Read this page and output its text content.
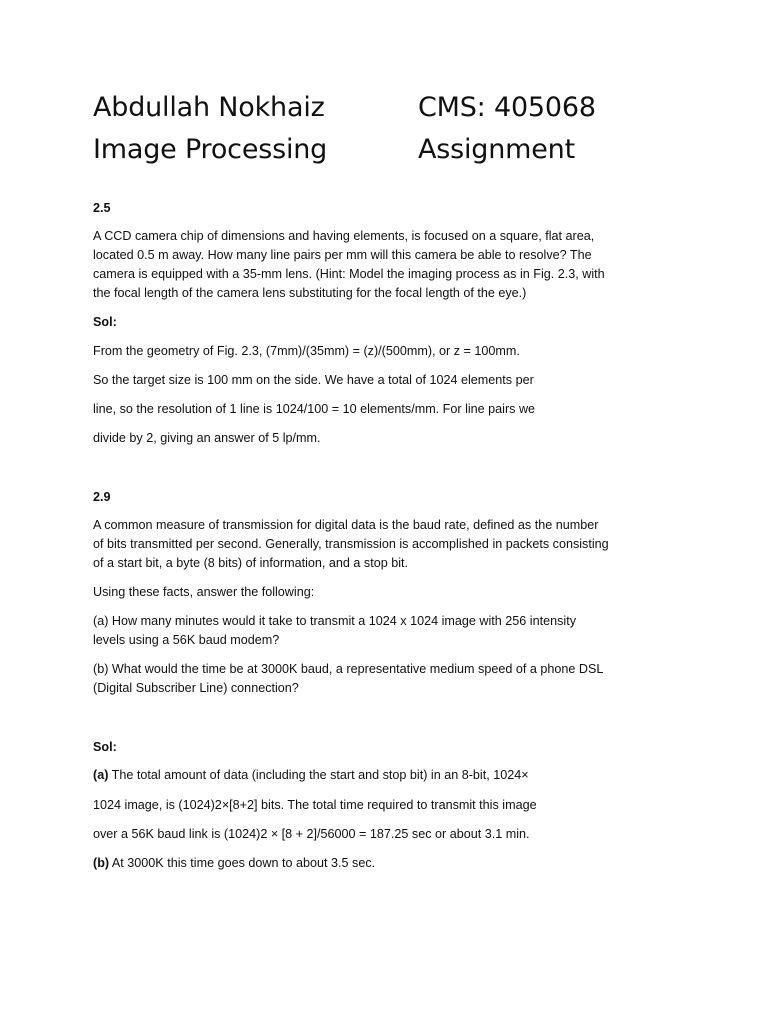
Abdullah Nokhaiz
Image Processing
CMS: 405068
Assignment
2.5
A CCD camera chip of dimensions and having elements, is focused on a square, flat area,
located 0.5 m away. How many line pairs per mm will this camera be able to resolve? The
camera is equipped with a 35-mm lens. (Hint: Model the imaging process as in Fig. 2.3, with
the focal length of the camera lens substituting for the focal length of the eye.)
Sol:
From the geometry of Fig. 2.3, (7mm)/(35mm) = (z)/(500mm), or z = 100mm.
So the target size is 100 mm on the side. We have a total of 1024 elements per
line, so the resolution of 1 line is 1024/100 = 10 elements/mm. For line pairs we
divide by 2, giving an answer of 5 lp/mm.
2.9
A common measure of transmission for digital data is the baud rate, defined as the number
of bits transmitted per second. Generally, transmission is accomplished in packets consisting
of a start bit, a byte (8 bits) of information, and a stop bit.
Using these facts, answer the following:
(a) How many minutes would it take to transmit a 1024 x 1024 image with 256 intensity
levels using a 56K baud modem?
(b) What would the time be at 3000K baud, a representative medium speed of a phone DSL
(Digital Subscriber Line) connection?
Sol:
(a) The total amount of data (including the start and stop bit) in an 8-bit, 1024×
1024 image, is (1024)2×[8+2] bits. The total time required to transmit this image
over a 56K baud link is (1024)2 × [8 + 2]/56000 = 187.25 sec or about 3.1 min.
(b) At 3000K this time goes down to about 3.5 sec.
